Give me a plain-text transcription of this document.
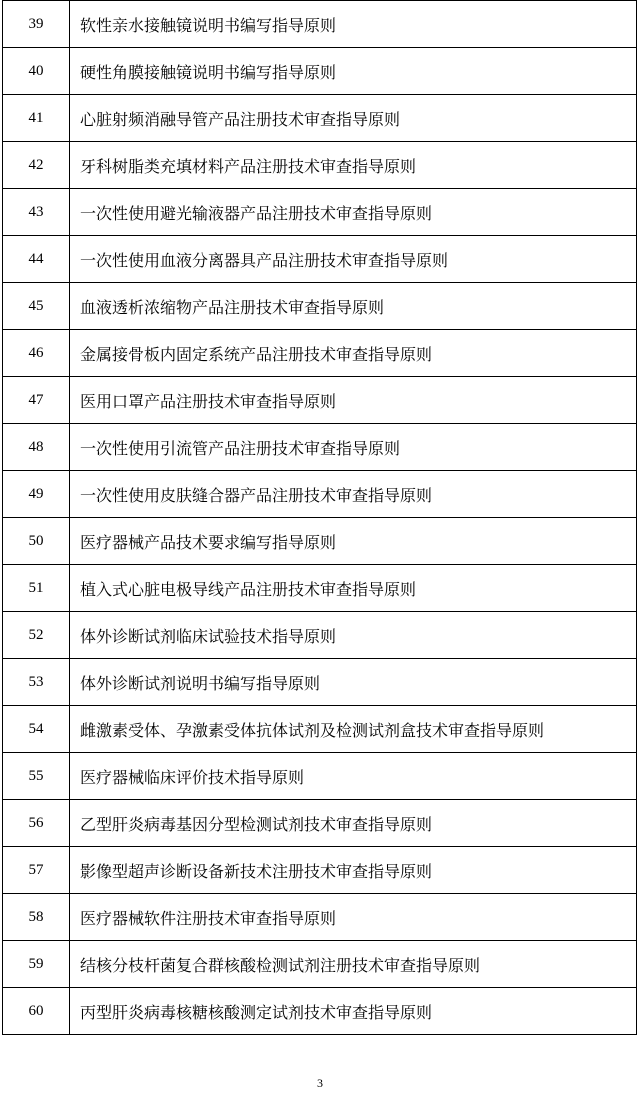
39	软性亲水接触镜说明书编写指导原则
40	硬性角膜接触镜说明书编写指导原则
41	心脏射频消融导管产品注册技术审查指导原则
42	牙科树脂类充填材料产品注册技术审查指导原则
43	一次性使用避光输液器产品注册技术审查指导原则
44	一次性使用血液分离器具产品注册技术审查指导原则
45	血液透析浓缩物产品注册技术审查指导原则
46	金属接骨板内固定系统产品注册技术审查指导原则
47	医用口罩产品注册技术审查指导原则
48	一次性使用引流管产品注册技术审查指导原则
49	一次性使用皮肤缝合器产品注册技术审查指导原则
50	医疗器械产品技术要求编写指导原则
51	植入式心脏电极导线产品注册技术审查指导原则
52	体外诊断试剂临床试验技术指导原则
53	体外诊断试剂说明书编写指导原则
54	雌激素受体、孕激素受体抗体试剂及检测试剂盒技术审查指导原则
55	医疗器械临床评价技术指导原则
56	乙型肝炎病毒基因分型检测试剂技术审查指导原则
57	影像型超声诊断设备新技术注册技术审查指导原则
58	医疗器械软件注册技术审查指导原则
59	结核分枝杆菌复合群核酸检测试剂注册技术审查指导原则
60	丙型肝炎病毒核糖核酸测定试剂技术审查指导原则
3
